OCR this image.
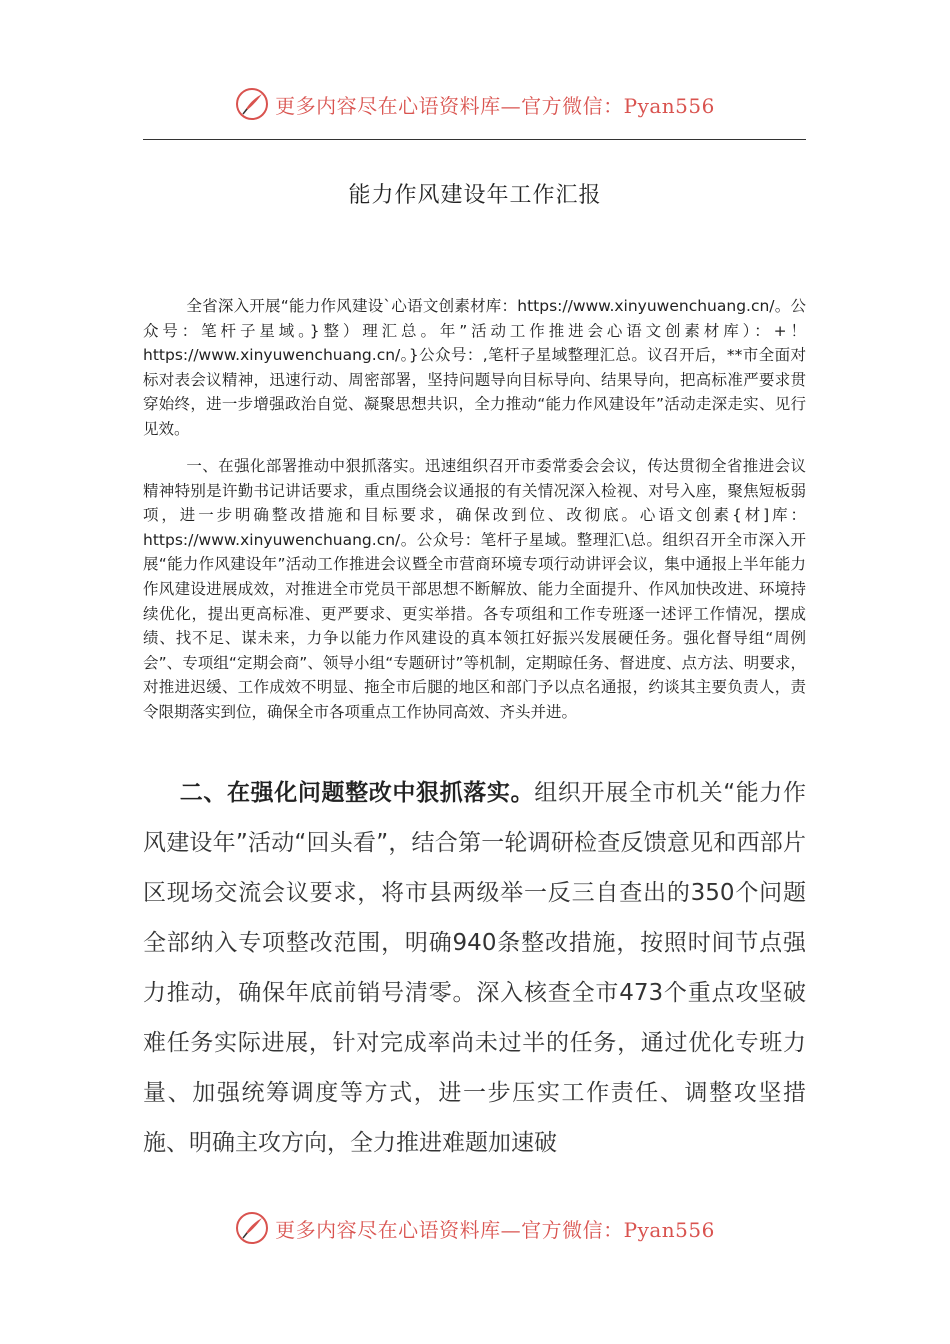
更多内容尽在心语资料库—官方微信：Pyan556
能力作风建设年工作汇报

全省深入开展“能力作风建设`心语文创素材库：https://www.xinyuwenchuang.cn/。公众号：笔杆子星域。}整）理汇总。年”活动工作推进会心语文创素材库）：+！https://www.xinyuwenchuang.cn/。}公众号：,笔杆子星域整理汇总。议召开后，**市全面对标对表会议精神，迅速行动、周密部署，坚持问题导向目标导向、结果导向，把高标准严要求贯穿始终，进一步增强政治自觉、凝聚思想共识，全力推动“能力作风建设年”活动走深走实、见行见效。

一、在强化部署推动中狠抓落实。迅速组织召开市委常委会会议，传达贯彻全省推进会议精神特别是许勤书记讲话要求，重点围绕会议通报的有关情况深入检视、对号入座，聚焦短板弱项，进一步明确整改措施和目标要求，确保改到位、改彻底。心语文创素{材]库：https://www.xinyuwenchuang.cn/。公众号：笔杆子星域。整理汇\总。组织召开全市深入开展“能力作风建设年”活动工作推进会议暨全市营商环境专项行动讲评会议，集中通报上半年能力作风建设进展成效，对推进全市党员干部思想不断解放、能力全面提升、作风加快改进、环境持续优化，提出更高标准、更严要求、更实举措。各专项组和工作专班逐一述评工作情况，摆成绩、找不足、谋未来，力争以能力作风建设的真本领扛好振兴发展硬任务。强化督导组“周例会”、专项组“定期会商”、领导小组“专题研讨”等机制，定期晾任务、督进度、点方法、明要求，对推进迟缓、工作成效不明显、拖全市后腿的地区和部门予以点名通报，约谈其主要负责人，责令限期落实到位，确保全市各项重点工作协同高效、齐头并进。

二、在强化问题整改中狠抓落实。组织开展全市机关“能力作风建设年”活动“回头看”，结合第一轮调研检查反馈意见和西部片区现场交流会议要求，将市县两级举一反三自查出的350个问题全部纳入专项整改范围，明确940条整改措施，按照时间节点强力推动，确保年底前销号清零。深入核查全市473个重点攻坚破难任务实际进展，针对完成率尚未过半的任务，通过优化专班力量、加强统筹调度等方式，进一步压实工作责任、调整攻坚措施、明确主攻方向，全力推进难题加速破

更多内容尽在心语资料库—官方微信：Pyan556
